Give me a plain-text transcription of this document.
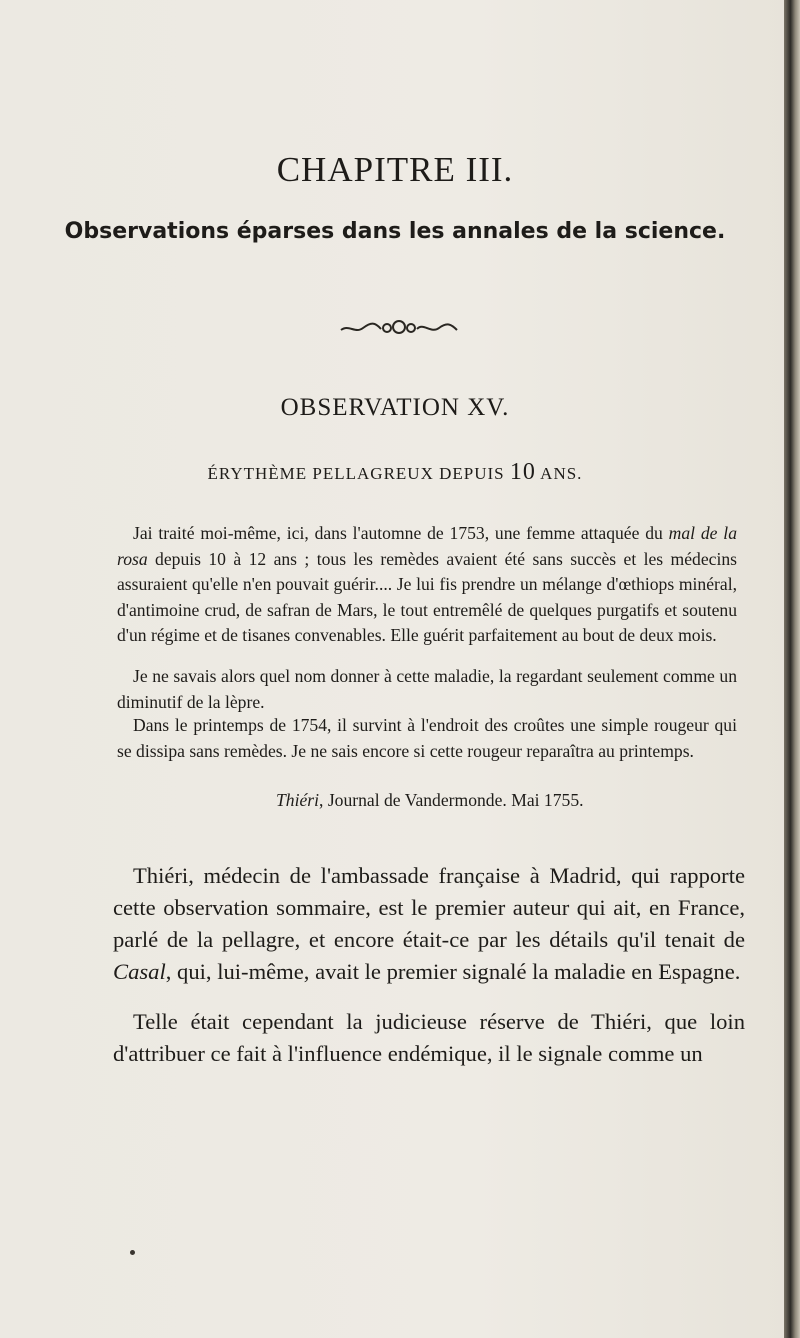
CHAPITRE III.
Observations éparses dans les annales de la science.
OBSERVATION XV.
ÉRYTHÈME PELLAGREUX DEPUIS 10 ANS.

Jai traité moi-même, ici, dans l'automne de 1753, une femme attaquée du mal de la rosa depuis 10 à 12 ans ; tous les remèdes avaient été sans succès et les médecins assuraient qu'elle n'en pouvait guérir.... Je lui fis prendre un mélange d'œthiops minéral, d'antimoine crud, de safran de Mars, le tout entremêlé de quelques purgatifs et soutenu d'un régime et de tisanes convenables. Elle guérit parfaitement au bout de deux mois.

Je ne savais alors quel nom donner à cette maladie, la regardant seulement comme un diminutif de la lèpre.

Dans le printemps de 1754, il survint à l'endroit des croûtes une simple rougeur qui se dissipa sans remèdes. Je ne sais encore si cette rougeur reparaîtra au printemps.

Thiéri, Journal de Vandermonde. Mai 1755.

Thiéri, médecin de l'ambassade française à Madrid, qui rapporte cette observation sommaire, est le premier auteur qui ait, en France, parlé de la pellagre, et encore était-ce par les détails qu'il tenait de Casal, qui, lui-même, avait le premier signalé la maladie en Espagne.

Telle était cependant la judicieuse réserve de Thiéri, que loin d'attribuer ce fait à l'influence endémique, il le signale comme un
